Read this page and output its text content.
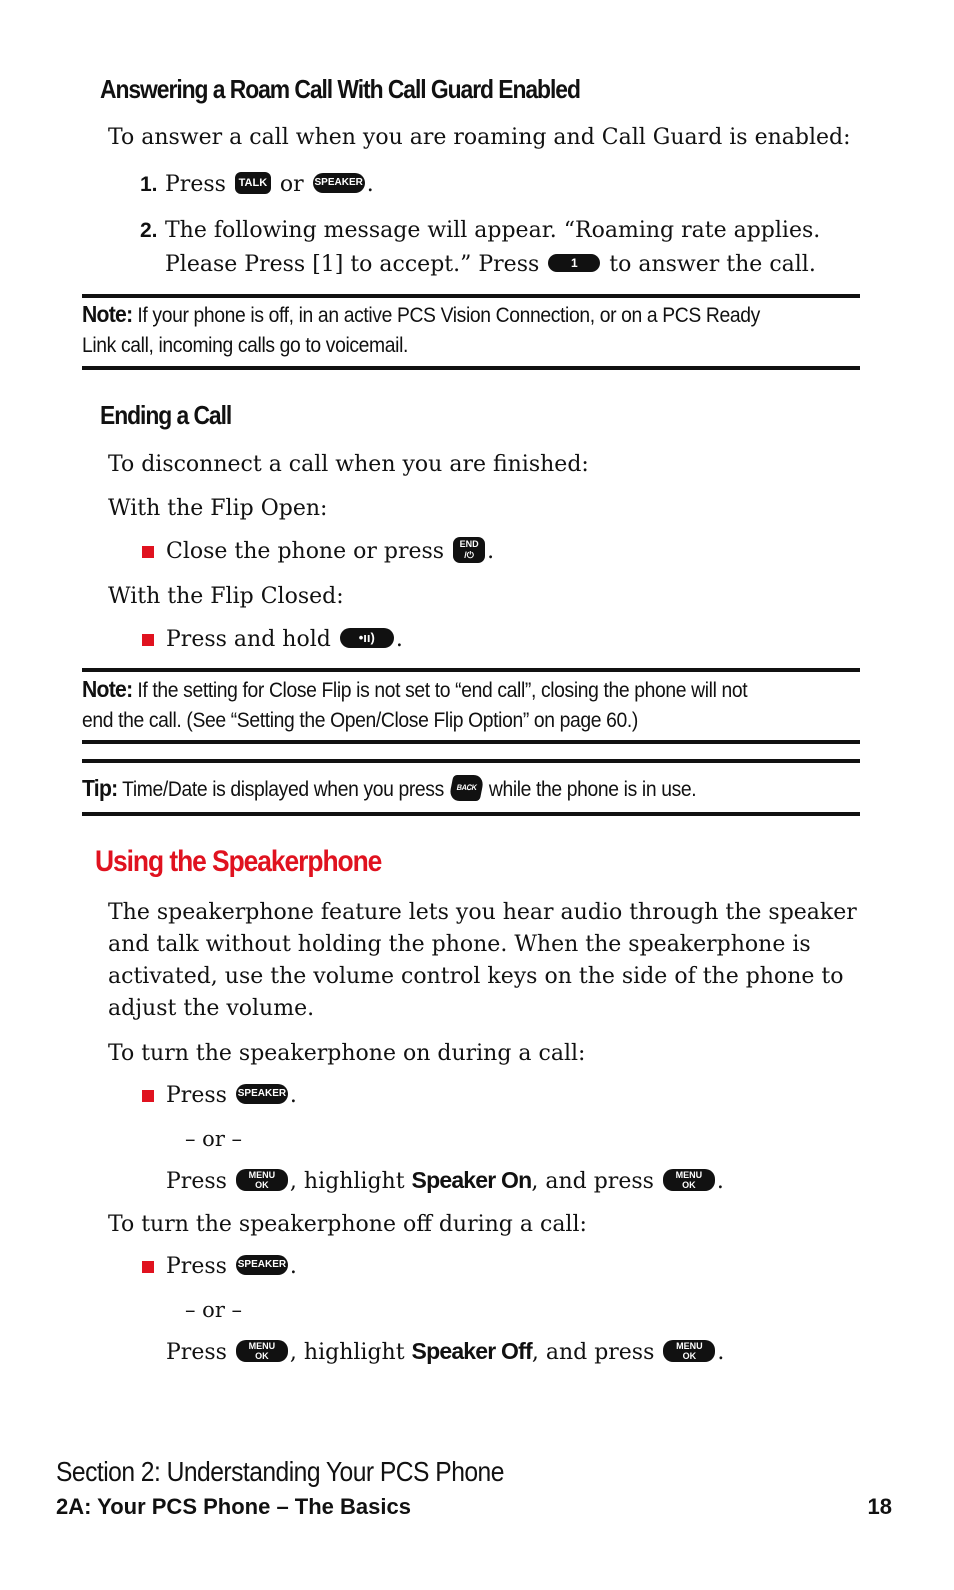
Answering a Roam Call With Call Guard Enabled
To answer a call when you are roaming and Call Guard is enabled:
1. Press TALK or SPEAKER .
2. The following message will appear. “Roaming rate applies.
Please Press [1] to accept.” Press	1 to answer the call.
Note: If your phone is off, in an active PCS Vision Connection, or on a PCS Ready
Link call, incoming calls go to voicemail.
Ending a Call
To disconnect a call when you are finished:
With the Flip Open:
Close the phone or press END
/⏻ .
With the Flip Closed:
Press and hold •ıı) .
Note: If the setting for Close Flip is not set to “end call”, closing the phone will not
end the call. (See “Setting the Open/Close Flip Option” on page 60.)
Tip: Time/Date is displayed when you press BACK while the phone is in use.
Using the Speakerphone
The speakerphone feature lets you hear audio through the speaker
and talk without holding the phone. When the speakerphone is
activated, use the volume control keys on the side of the phone to
adjust the volume.
To turn the speakerphone on during a call:
Press SPEAKER .
– or –
Press MENU
OK , highlight Speaker On, and press MENU
OK .
To turn the speakerphone off during a call:
Press SPEAKER .
– or –
Press MENU
OK , highlight Speaker Off, and press MENU
OK .
Section 2: Understanding Your PCS Phone
2A: Your PCS Phone – The Basics	18
